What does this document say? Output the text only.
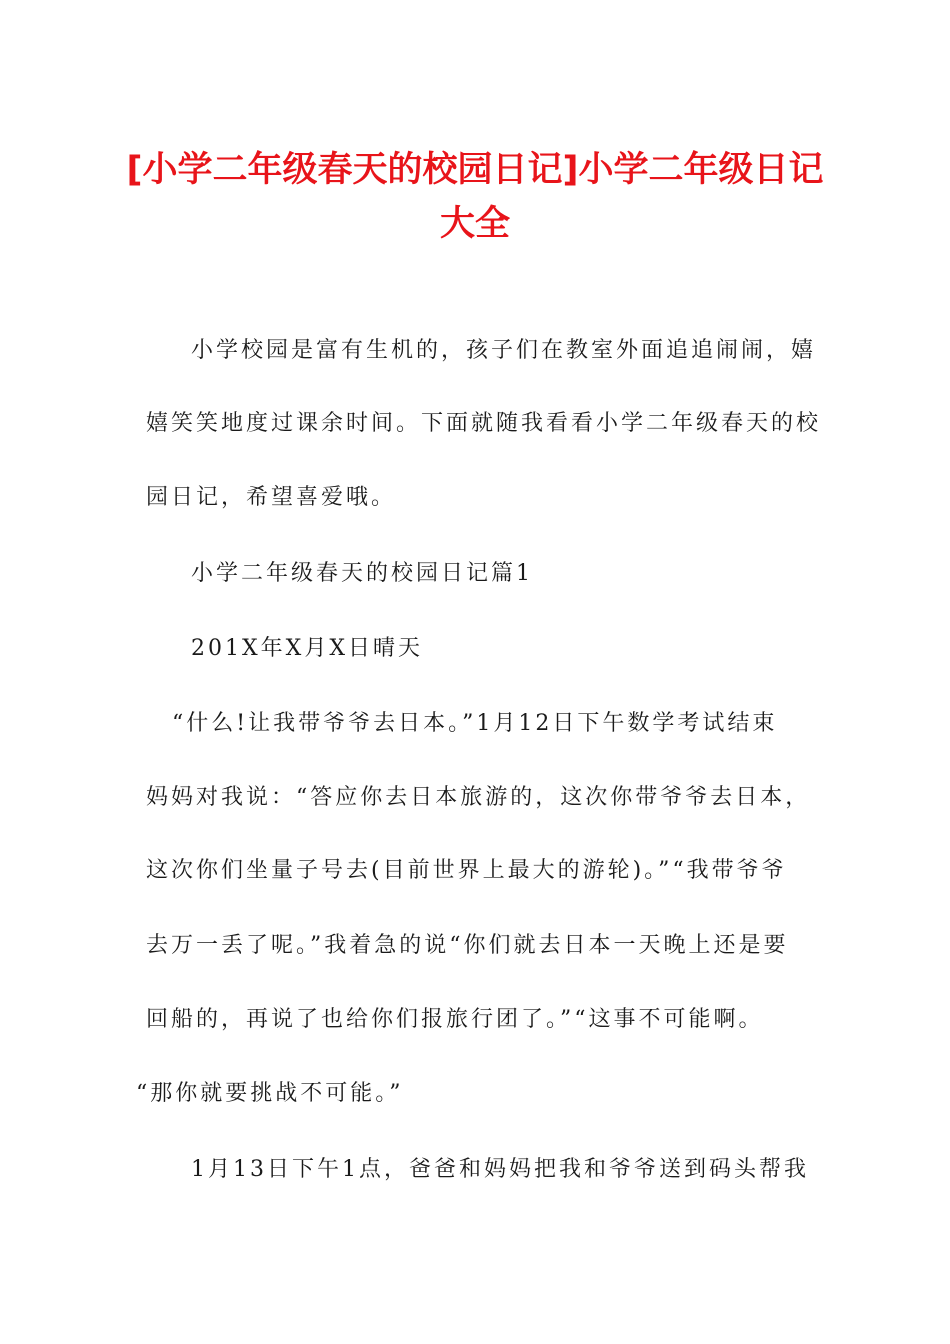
[小学二年级春天的校园日记]小学二年级日记大全

小学校园是富有生机的，孩子们在教室外面追追闹闹，嬉

嬉笑笑地度过课余时间。下面就随我看看小学二年级春天的校

园日记，希望喜爱哦。

小学二年级春天的校园日记篇1

201X年X月X日晴天

“什么!让我带爷爷去日本。”1月12日下午数学考试结束

妈妈对我说：“答应你去日本旅游的，这次你带爷爷去日本，

这次你们坐量子号去(目前世界上最大的游轮)。”“我带爷爷

去万一丢了呢。”我着急的说“你们就去日本一天晚上还是要

回船的，再说了也给你们报旅行团了。”“这事不可能啊。

“那你就要挑战不可能。”

1月13日下午1点，爸爸和妈妈把我和爷爷送到码头帮我
